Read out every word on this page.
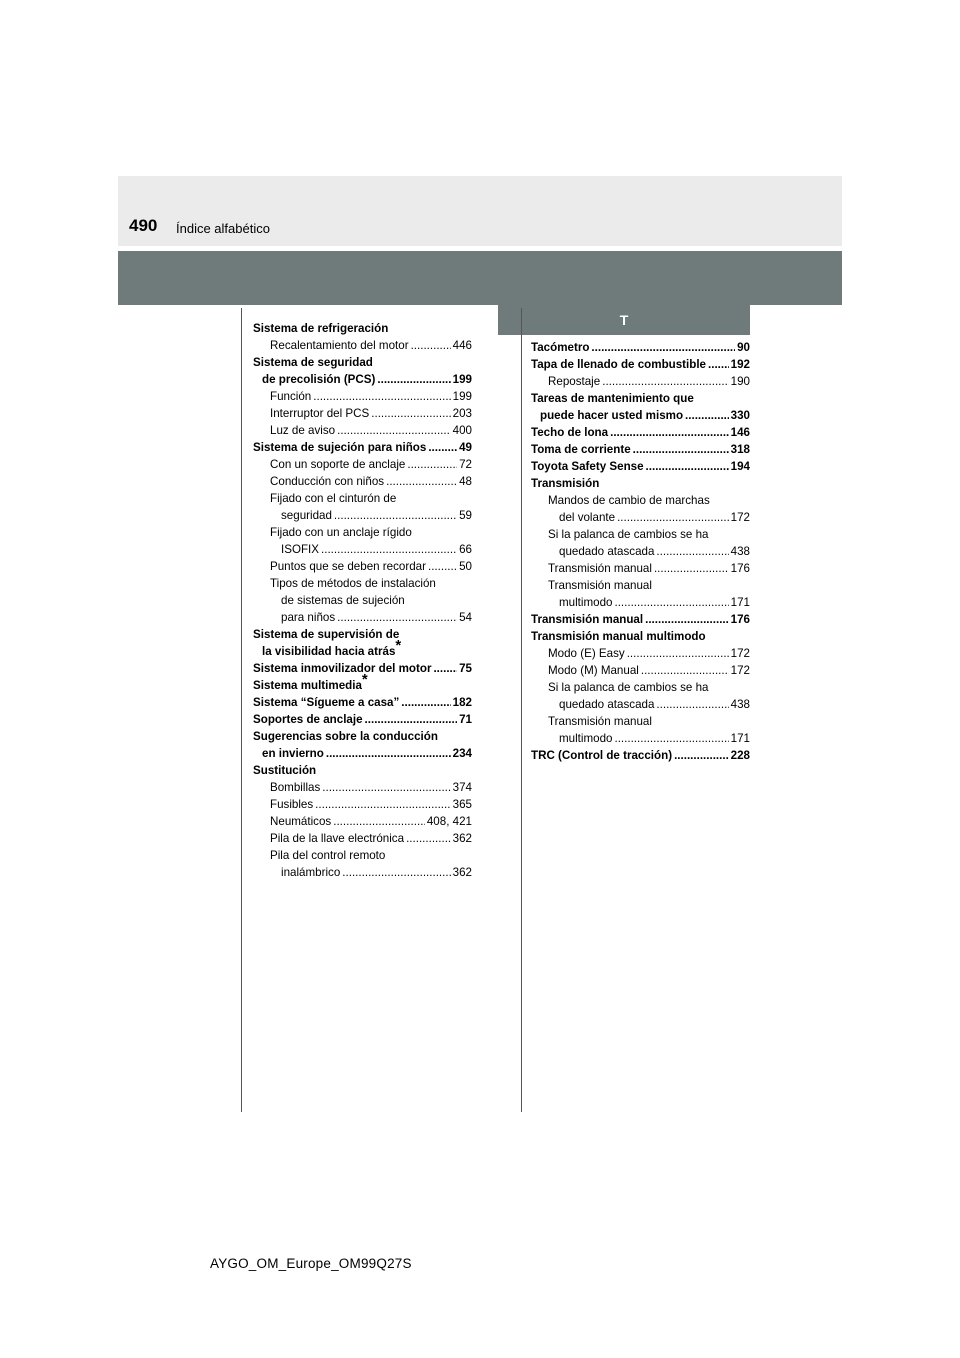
490 Índice alfabético
T
Sistema de refrigeración
Recalentamiento del motor .....	446
Sistema de seguridad
de precolisión (PCS) .....	199
Función .....	199
Interruptor del PCS .....	203
Luz de aviso .....	400
Sistema de sujeción para niños .....	49
Con un soporte de anclaje .....	72
Conducción con niños .....	48
Fijado con el cinturón de
seguridad .....	59
Fijado con un anclaje rígido
ISOFIX .....	66
Puntos que se deben recordar .....	50
Tipos de métodos de instalación
de sistemas de sujeción
para niños .....	54
Sistema de supervisión de
la visibilidad hacia atrás*
Sistema inmovilizador del motor ..... 75
Sistema multimedia*
Sistema “Sígueme a casa” .....	182
Soportes de anclaje .....	71
Sugerencias sobre la conducción
en invierno .....	234
Sustitución
Bombillas .....	374
Fusibles .....	365
Neumáticos .....	408, 421
Pila de la llave electrónica .....	362
Pila del control remoto
inalámbrico .....	362
Tacómetro .....	90
Tapa de llenado de combustible ..... 192
Repostaje .....	190
Tareas de mantenimiento que
puede hacer usted mismo .....	330
Techo de lona .....	146
Toma de corriente .....	318
Toyota Safety Sense .....	194
Transmisión
Mandos de cambio de marchas
del volante .....	172
Si la palanca de cambios se ha
quedado atascada .....	438
Transmisión manual .....	176
Transmisión manual
multimodo .....	171
Transmisión manual .....	176
Transmisión manual multimodo
Modo (E) Easy .....	172
Modo (M) Manual .....	172
Si la palanca de cambios se ha
quedado atascada .....	438
Transmisión manual
multimodo .....	171
TRC (Control de tracción) .....	228
AYGO_OM_Europe_OM99Q27S
